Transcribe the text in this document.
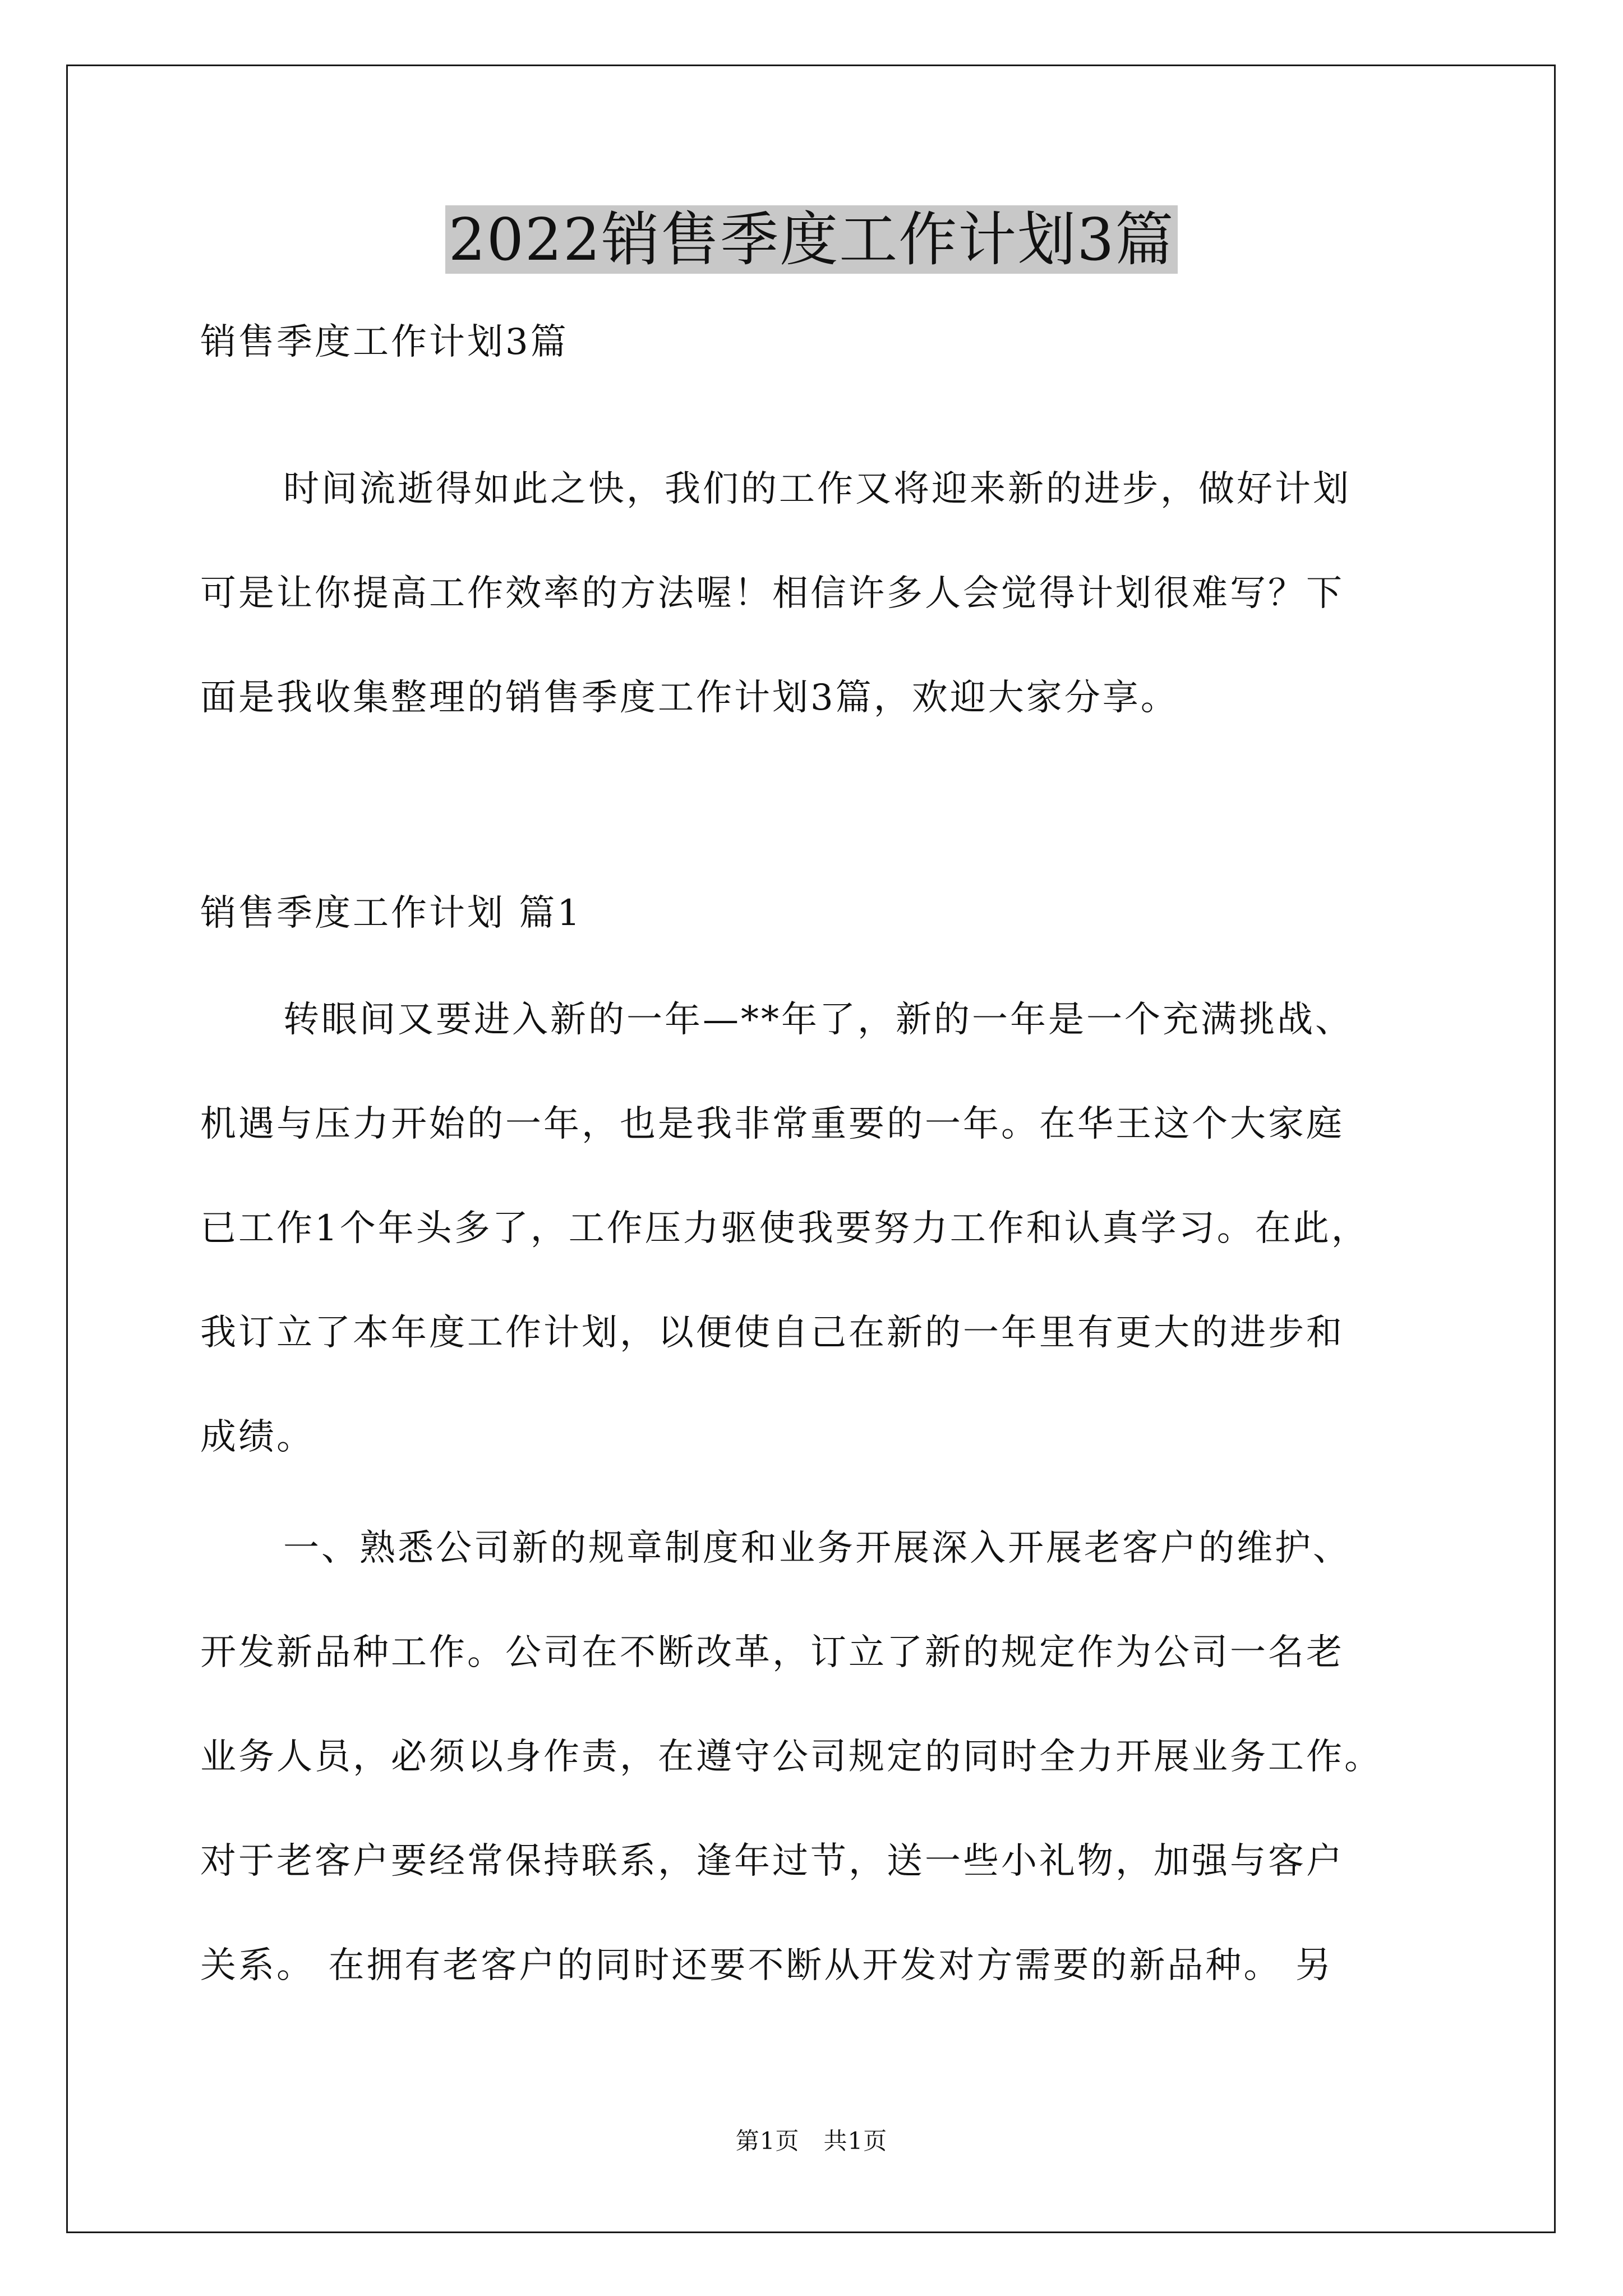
2022销售季度工作计划3篇
销售季度工作计划3篇
时间流逝得如此之快，我们的工作又将迎来新的进步，做好计划
可是让你提高工作效率的方法喔！相信许多人会觉得计划很难写？下
面是我收集整理的销售季度工作计划3篇，欢迎大家分享。
销售季度工作计划 篇1
转眼间又要进入新的一年—**年了，新的一年是一个充满挑战、
机遇与压力开始的一年，也是我非常重要的一年。在华王这个大家庭
已工作1个年头多了，工作压力驱使我要努力工作和认真学习。在此，
我订立了本年度工作计划，以便使自己在新的一年里有更大的进步和
成绩。
一、熟悉公司新的规章制度和业务开展深入开展老客户的维护、
开发新品种工作。公司在不断改革，订立了新的规定作为公司一名老
业务人员，必须以身作责，在遵守公司规定的同时全力开展业务工作。
对于老客户要经常保持联系，逢年过节，送一些小礼物，加强与客户
关系。 在拥有老客户的同时还要不断从开发对方需要的新品种。 另
第1页　共1页
